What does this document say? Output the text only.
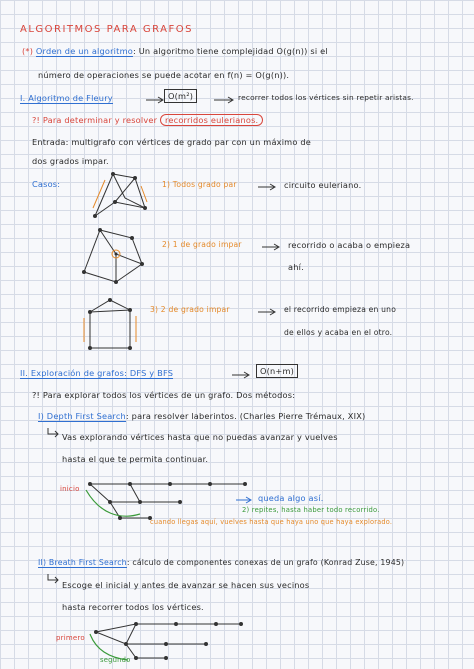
ALGORITMOS PARA GRAFOS
(*) Orden de un algoritmo: Un algoritmo tiene complejidad O(g(n)) si el
número de operaciones se puede acotar en f(n) = O(g(n)).
I. Algoritmo de Fleury	O(m²)	recorrer todos los vértices sin repetir aristas.
?! Para determinar y resolver recorridos eulerianos.
Entrada: multigrafo con vértices de grado par con un máximo de
dos grados impar.
Casos:	1) Todos grado par	circuito euleriano.
2) 1 de grado impar	recorrido o acaba o empieza
ahí.
3) 2 de grado impar	el recorrido empieza en uno
de ellos y acaba en el otro.
II. Exploración de grafos: DFS y BFS	O(n+m)
?! Para explorar todos los vértices de un grafo. Dos métodos:
I) Depth First Search: para resolver laberintos. (Charles Pierre Trémaux, XIX)
Vas explorando vértices hasta que no puedas avanzar y vuelves
hasta el que te permita continuar.
inicio
queda algo así.
2) repites, hasta haber todo recorrido.
cuando llegas aquí, vuelves hasta que haya uno que haya explorado.
II) Breath First Search: cálculo de componentes conexas de un grafo (Konrad Zuse, 1945)
Escoge el inicial y antes de avanzar se hacen sus vecinos
hasta recorrer todos los vértices.
primero
segundo
